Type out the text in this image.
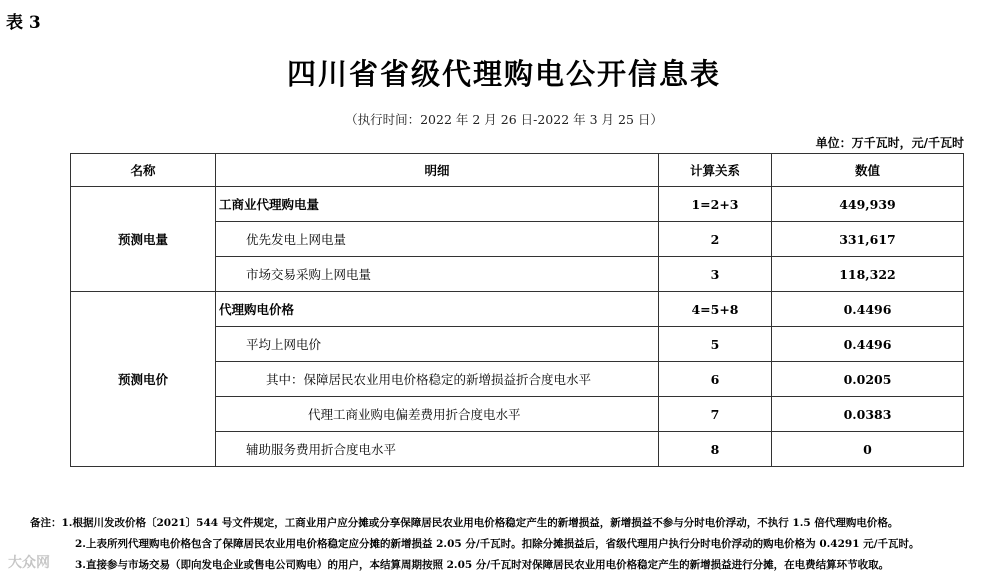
表 3
四川省省级代理购电公开信息表
（执行时间：2022 年 2 月 26 日-2022 年 3 月 25 日）
单位：万千瓦时，元/千瓦时
名称	明细	计算关系	数值
预测电量	工商业代理购电量	1=2+3	449,939
	优先发电上网电量	2	331,617
	市场交易采购上网电量	3	118,322
预测电价	代理购电价格	4=5+8	0.4496
	平均上网电价	5	0.4496
	其中：保障居民农业用电价格稳定的新增损益折合度电水平	6	0.0205
	代理工商业购电偏差费用折合度电水平	7	0.0383
	辅助服务费用折合度电水平	8	0
备注：1.根据川发改价格〔2021〕544 号文件规定，工商业用户应分摊或分享保障居民农业用电价格稳定产生的新增损益，新增损益不参与分时电价浮动，不执行 1.5 倍代理购电价格。
2.上表所列代理购电价格包含了保障居民农业用电价格稳定应分摊的新增损益 2.05 分/千瓦时。扣除分摊损益后，省级代理用户执行分时电价浮动的购电价格为 0.4291 元/千瓦时。
3.直接参与市场交易（即向发电企业或售电公司购电）的用户，本结算周期按照 2.05 分/千瓦时对保障居民农业用电价格稳定产生的新增损益进行分摊，在电费结算环节收取。
大众网
